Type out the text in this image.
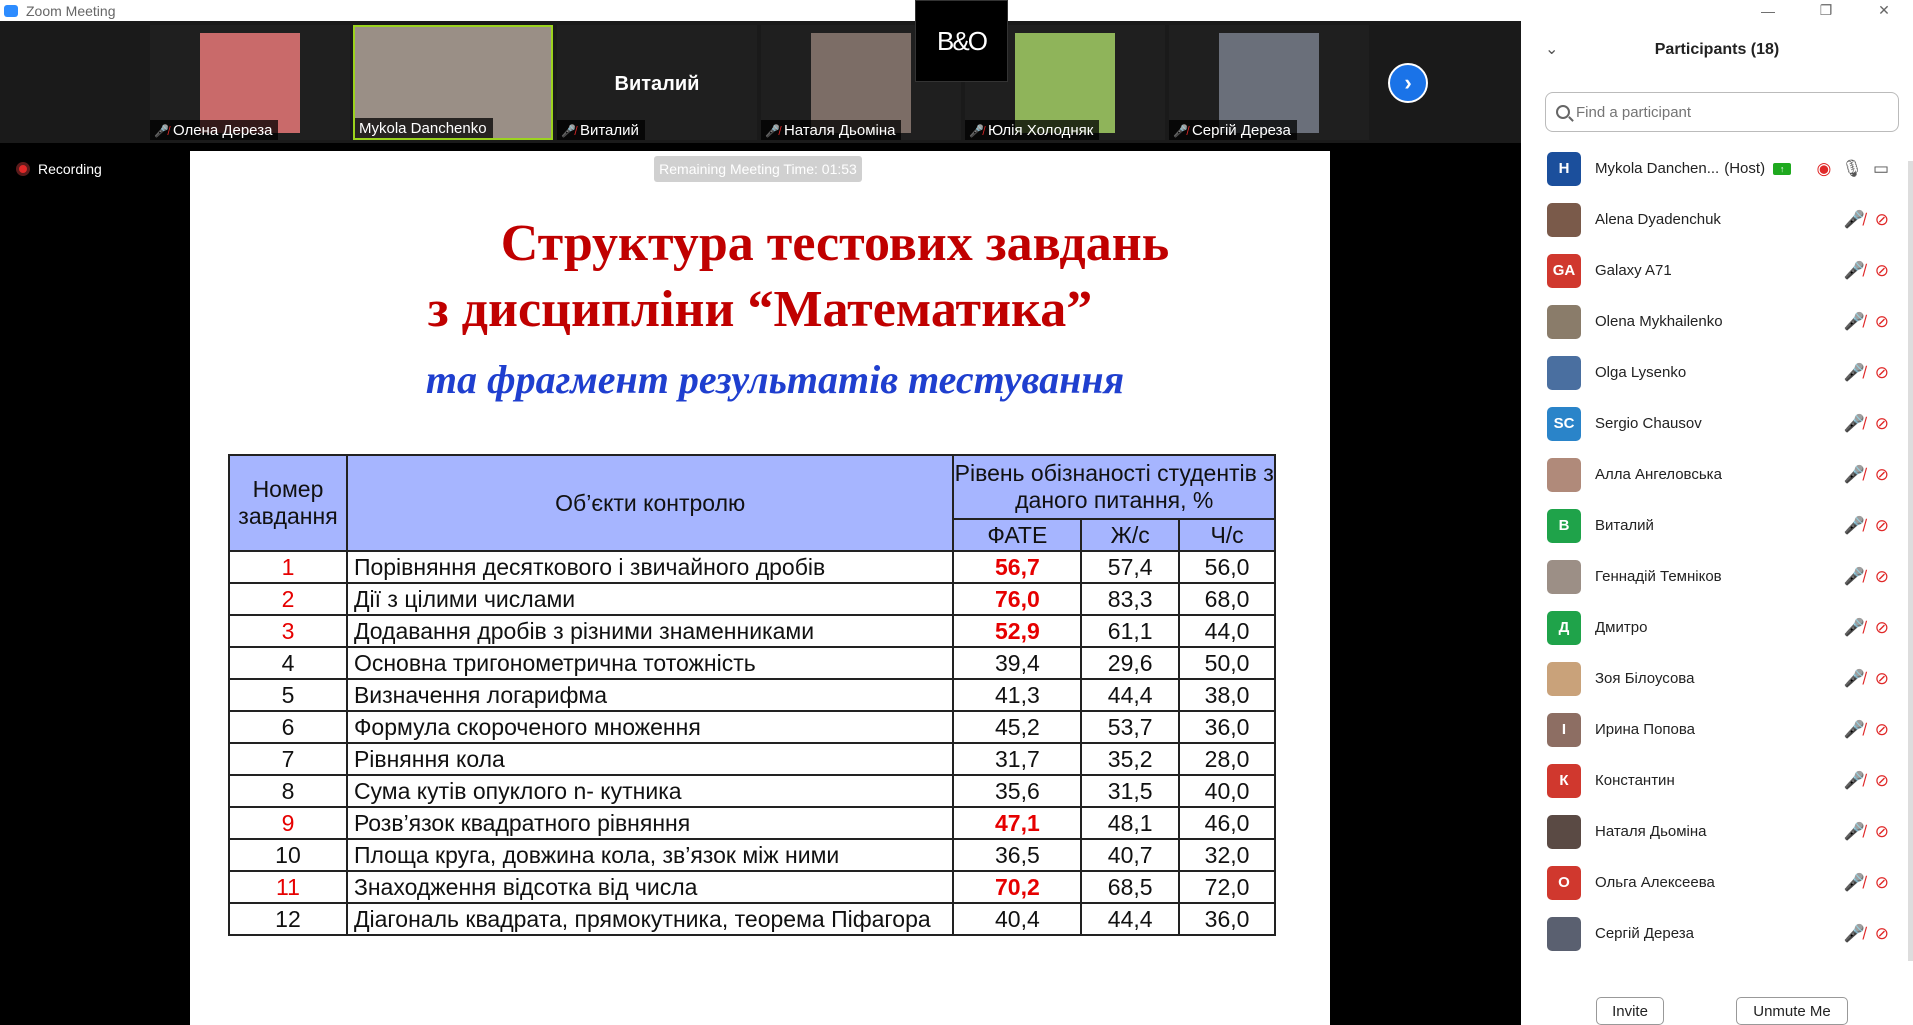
Zoom Meeting	—	❐	✕
🎤̸ Олена Дереза	Mykola Danchenko
Виталий
🎤̸ Виталий	🎤̸ Наталя Дьоміна	🎤̸ Юлія Холодняк	🎤̸ Сергій Дереза
›
B&O
Recording	Remaining Meeting Time: 01:53
Структура тестових завдань
з дисципліни “Математика”
та фрагмент результатів тестування
Номер завдання	Об’єкти контролю	Рівень обізнаності студентів з даного питання, %		
		ФАТЕ	Ж/с	Ч/с
1	Порівняння десяткового і звичайного дробів	56,7	57,4	56,0
2	Дії з цілими числами	76,0	83,3	68,0
3	Додавання дробів з різними знаменниками	52,9	61,1	44,0
4	Основна тригонометрична тотожність	39,4	29,6	50,0
5	Визначення логарифма	41,3	44,4	38,0
6	Формула скороченого множення	45,2	53,7	36,0
7	Рівняння кола	31,7	35,2	28,0
8	Сума кутів опуклого n- кутника	35,6	31,5	40,0
9	Розв’язок квадратного рівняння	47,1	48,1	46,0
10	Площа круга, довжина кола, зв’язок між ними	36,5	40,7	32,0
11	Знаходження відсотка від числа	70,2	68,5	72,0
12	Діагональ квадрата, прямокутника, теорема Піфагора	40,4	44,4	36,0
⌄	Participants (18)
Find a participant
H	Mykola Danchen... (Host)	↑	◉ 🎙 ▭
Alena Dyadenchuk	🎤̸ ⊘
GA	Galaxy A71	🎤̸ ⊘
Olena Mykhailenko	🎤̸ ⊘
Olga Lysenko	🎤̸ ⊘
SC	Sergio Chausov	🎤̸ ⊘
Алла Ангеловська	🎤̸ ⊘
В	Виталий	🎤̸ ⊘
Геннадій Темніков	🎤̸ ⊘
Д	Дмитро	🎤̸ ⊘
Зоя Білоусова	🎤̸ ⊘
І	Ирина Попова	🎤̸ ⊘
К	Константин	🎤̸ ⊘
Наталя Дьоміна	🎤̸ ⊘
О	Ольга Алексеева	🎤̸ ⊘
Сергій Дереза	🎤̸ ⊘
Invite	Unmute Me
